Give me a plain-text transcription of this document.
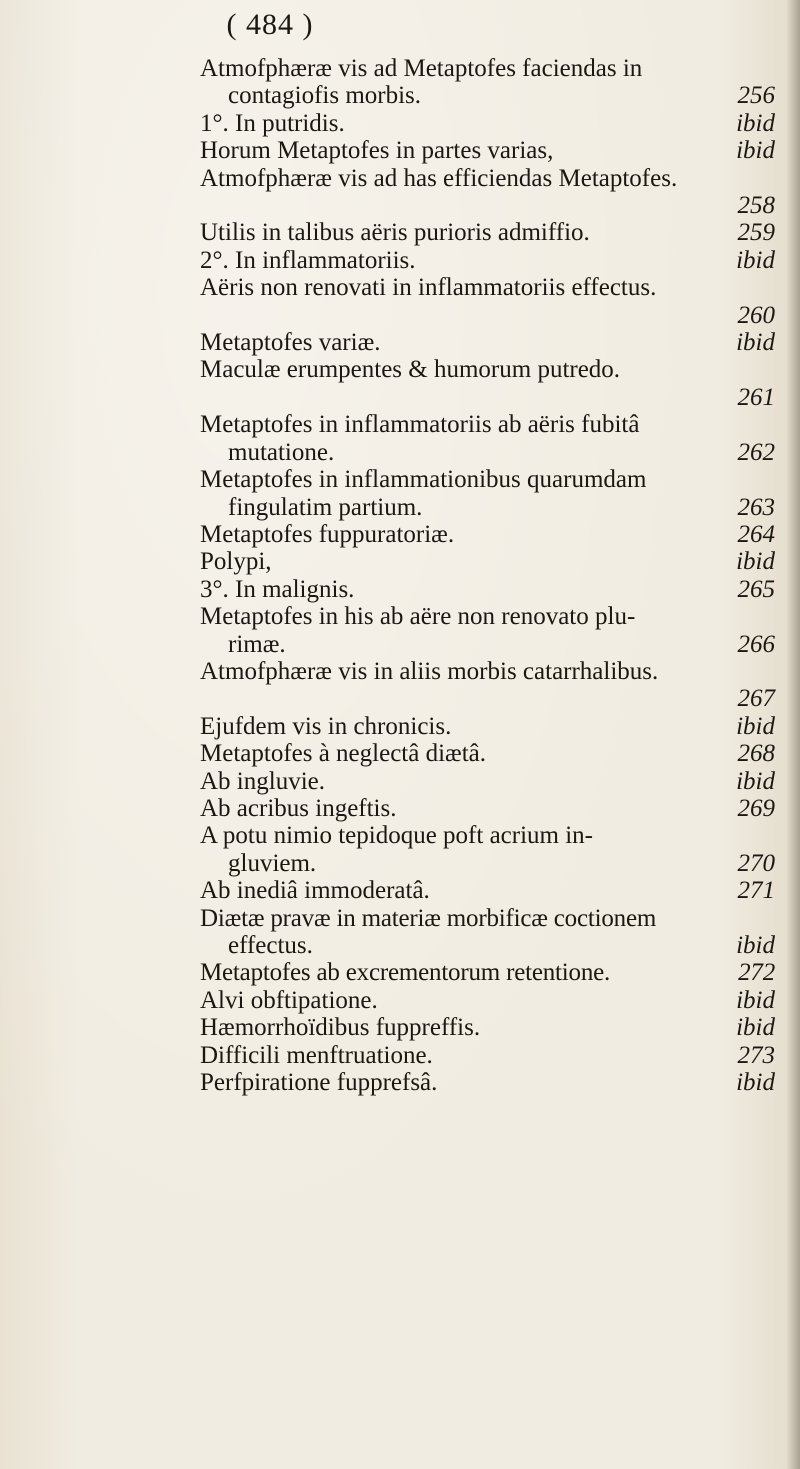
( 484 )
Atmofphæræ vis ad Metaptofes faciendas in
contagiofis morbis.	256
1°. In putridis.	ibid
Horum Metaptofes in partes varias,	ibid
Atmofphæræ vis ad has efficiendas Metaptofes.
258
Utilis in talibus aëris purioris admiffio.	259
2°. In inflammatoriis.	ibid
Aëris non renovati in inflammatoriis effectus.
260
Metaptofes variæ.	ibid
Maculæ erumpentes & humorum putredo.
261
Metaptofes in inflammatoriis ab aëris fubitâ
mutatione.	262
Metaptofes in inflammationibus quarumdam
fingulatim partium.	263
Metaptofes fuppuratoriæ.	264
Polypi,	ibid
3°. In malignis.	265
Metaptofes in his ab aëre non renovato plu-
rimæ.	266
Atmofphæræ vis in aliis morbis catarrhalibus.
267
Ejufdem vis in chronicis.	ibid
Metaptofes à neglectâ diætâ.	268
Ab ingluvie.	ibid
Ab acribus ingeftis.	269
A potu nimio tepidoque poft acrium in-
gluviem.	270
Ab inediâ immoderatâ.	271
Diætæ pravæ in materiæ morbificæ coctionem
effectus.	ibid
Metaptofes ab excrementorum retentione.	272
Alvi obftipatione.	ibid
Hæmorrhoïdibus fuppreffis.	ibid
Difficili menftruatione.	273
Perfpiratione fupprefsâ.	ibid
